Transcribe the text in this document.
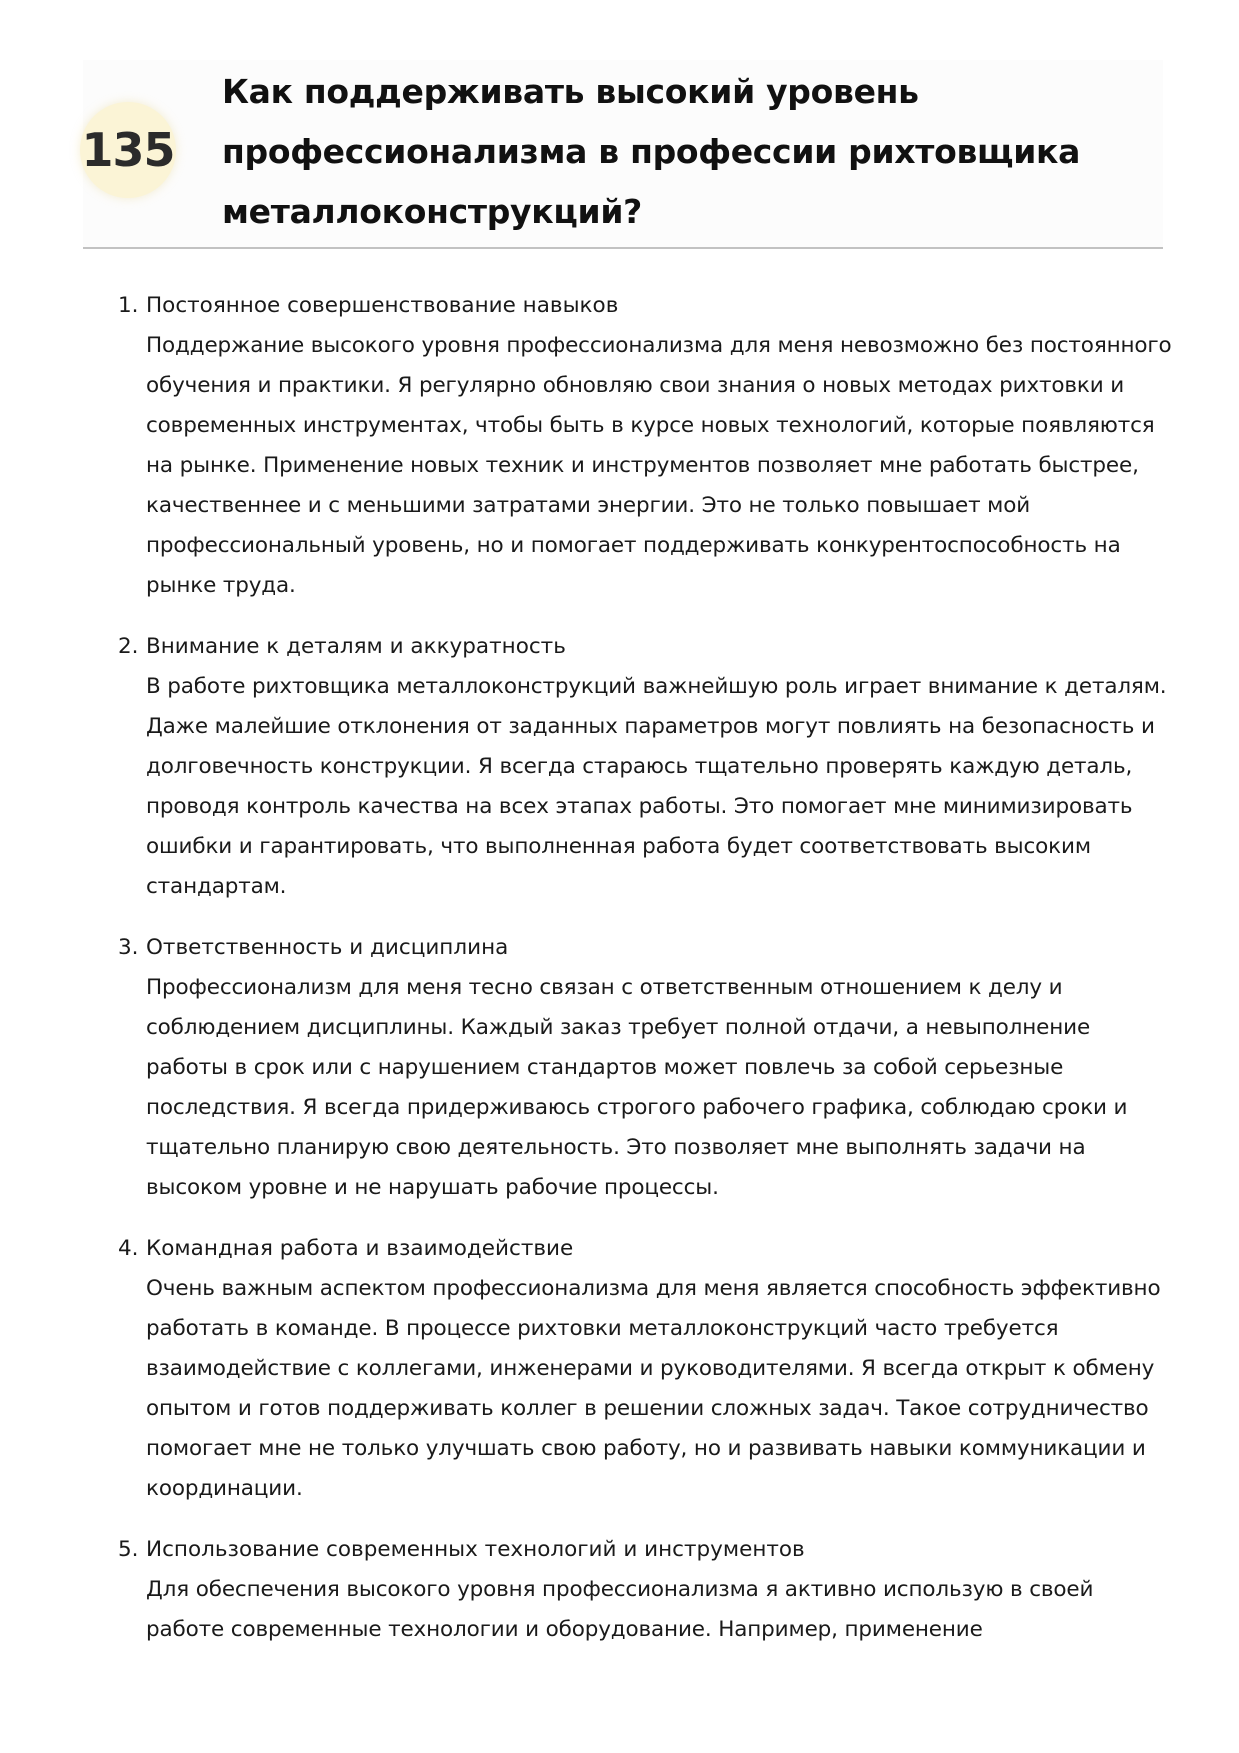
135
Как поддерживать высокий уровень профессионализма в профессии рихтовщика металлоконструкций?
1. Постоянное совершенствование навыков

Поддержание высокого уровня профессионализма для меня невозможно без постоянного обучения и практики. Я регулярно обновляю свои знания о новых методах рихтовки и современных инструментах, чтобы быть в курсе новых технологий, которые появляются на рынке. Применение новых техник и инструментов позволяет мне работать быстрее, качественнее и с меньшими затратами энергии. Это не только повышает мой профессиональный уровень, но и помогает поддерживать конкурентоспособность на рынке труда.

2. Внимание к деталям и аккуратность

В работе рихтовщика металлоконструкций важнейшую роль играет внимание к деталям. Даже малейшие отклонения от заданных параметров могут повлиять на безопасность и долговечность конструкции. Я всегда стараюсь тщательно проверять каждую деталь, проводя контроль качества на всех этапах работы. Это помогает мне минимизировать ошибки и гарантировать, что выполненная работа будет соответствовать высоким стандартам.

3. Ответственность и дисциплина

Профессионализм для меня тесно связан с ответственным отношением к делу и соблюдением дисциплины. Каждый заказ требует полной отдачи, а невыполнение работы в срок или с нарушением стандартов может повлечь за собой серьезные последствия. Я всегда придерживаюсь строгого рабочего графика, соблюдаю сроки и тщательно планирую свою деятельность. Это позволяет мне выполнять задачи на высоком уровне и не нарушать рабочие процессы.

4. Командная работа и взаимодействие

Очень важным аспектом профессионализма для меня является способность эффективно работать в команде. В процессе рихтовки металлоконструкций часто требуется взаимодействие с коллегами, инженерами и руководителями. Я всегда открыт к обмену опытом и готов поддерживать коллег в решении сложных задач. Такое сотрудничество помогает мне не только улучшать свою работу, но и развивать навыки коммуникации и координации.

5. Использование современных технологий и инструментов

Для обеспечения высокого уровня профессионализма я активно использую в своей работе современные технологии и оборудование. Например, применение
